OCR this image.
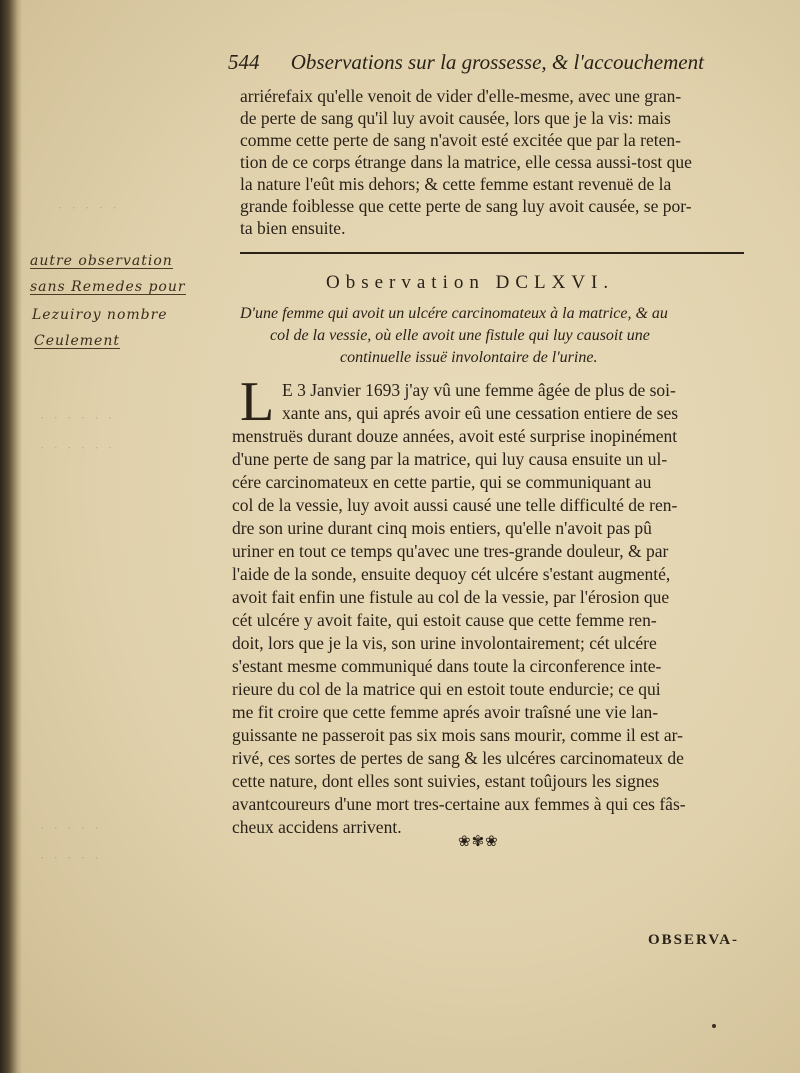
· · · · ·
· · · · · ·
· · · · · ·
· · · · ·
· · · · ·
544 Observations sur la grossesse, & l'accouchement
arriérefaix qu'elle venoit de vider d'elle-mesme, avec une gran-
de perte de sang qu'il luy avoit causée, lors que je la vis: mais
comme cette perte de sang n'avoit esté excitée que par la reten-
tion de ce corps étrange dans la matrice, elle cessa aussi-tost que
la nature l'eût mis dehors; & cette femme estant revenuë de la
grande foiblesse que cette perte de sang luy avoit causée, se por-
ta bien ensuite.
Observation DCLXVI.
D'une femme qui avoit un ulcére carcinomateux à la matrice, & au
col de la vessie, où elle avoit une fistule qui luy causoit une
continuelle issuë involontaire de l'urine.
L E 3 Janvier 1693 j'ay vû une femme âgée de plus de soi-
xante ans, qui aprés avoir eû une cessation entiere de ses
menstruës durant douze années, avoit esté surprise inopinément
d'une perte de sang par la matrice, qui luy causa ensuite un ul-
cére carcinomateux en cette partie, qui se communiquant au
col de la vessie, luy avoit aussi causé une telle difficulté de ren-
dre son urine durant cinq mois entiers, qu'elle n'avoit pas pû
uriner en tout ce temps qu'avec une tres-grande douleur, & par
l'aide de la sonde, ensuite dequoy cét ulcére s'estant augmenté,
avoit fait enfin une fistule au col de la vessie, par l'érosion que
cét ulcére y avoit faite, qui estoit cause que cette femme ren-
doit, lors que je la vis, son urine involontairement; cét ulcére
s'estant mesme communiqué dans toute la circonference inte-
rieure du col de la matrice qui en estoit toute endurcie; ce qui
me fit croire que cette femme aprés avoir traîsné une vie lan-
guissante ne passeroit pas six mois sans mourir, comme il est ar-
rivé, ces sortes de pertes de sang & les ulcéres carcinomateux de
cette nature, dont elles sont suivies, estant toûjours les signes
avantcoureurs d'une mort tres-certaine aux femmes à qui ces fâs-
cheux accidens arrivent.
autre observation
sans Remedes pour
Lezuiroy nombre
Ceulement
❀✾❀
OBSERVA-
